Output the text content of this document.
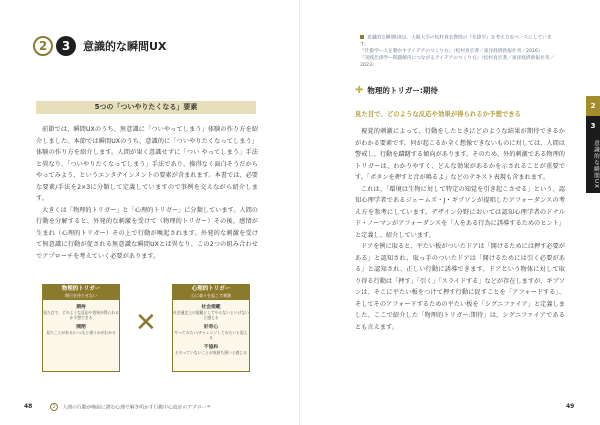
2	3	意識的な瞬間UX
5つの「ついやりたくなる」要素

前節では、瞬間UXのうち、無意識に「ついやってしまう」体験の作り方を紹介しました。本節では瞬間UXのうち、意識的に「ついやりたくなってしまう」体験の作り方を紹介します。人間が果く意識せずに「つい やってしまう」手法と異なり、「ついやりたくなってしまう」手法であり、操得なく面白そうだからやってみよう、というエンタテインメントの要素が含まれます。本書では、必要な要素/手法を2×3に分類して定義していますので事例を交えながら紹介します。

大きくは「物理的トリガー」と「心理的トリガー」に分類しています。人間の行動を分解すると、外発的な刺激を受けて（物理的トリガー）その後、感情が生まれ（心理的トリガー）その上で行動が喚起されます。外発的な刺激を受けて無意識に行動が促される無意識な瞬間UXとは異なり、この2つの組み合わせでアプローチを考えていく必要があります。

物理的トリガー
期日を待たせない
期待
見た目で、どのような反応や効果が得られるか予想できる
開閉
見たことがある/いつもと違うかがわかる ✕
心理的トリガー
心に楽々を起こす刺激
社会規範
社会通念上の規範としてやらないといけないと感じる
好奇心
やってみたい/チャレンジしてみたいと思える
不協和
そろっていないことが気持ち悪いと感じる
48	2 人間の行動が喚起に潜む心理で解き明かす行動中心設計のアプローチ
意識的な瞬間UXは、大阪大学の松村真宏教授の『仕掛学』を考え方をベースにしています。
『仕掛学―人を動かすアイデアのつくり方』（松村真宏著／東洋経済新報社刊／2016）
『実践仕掛学―問題解決につながるアイデアのつくり方』（松村真宏著／東洋経済新報社刊／2023）
✚ 物理的トリガー:期待
見た目で、どのような反応や効果が得られるか予想できる

視覚的刺激によって、行動をしたときにどのような結果が期待できるかがわかる要素です。何が起こるか全く想像できないものに対しては、人間は警戒し、行動を躊躇する傾向があります。そのため、外的刺激である物理的トリガーは、わかりやすく、どんな効果があるかを示されることが重要です。「ボタンを押すと音が鳴るよ」などのテキスト表現も含まれます。

これは、「環境は生物に対して特定の知覚を引き起こさせる」という、認知心理学者であるジェームズ・J・ギブソンが提唱したアフォーダンスの考え方を参考にしています。デザイン分野においては認知心理学者のドナルド・ノーマンがアフォーダンスを「人をある行為に誘導するためのヒント」と定義し、紹介しています。

ドアを例に取ると、平たい板がついたドアは「開けるためには押す必要がある」と認知され、取っ手のついたドアは「開けるためには引く必要がある」と認知され、正しい行動に誘導できます。ドアという物体に対して取り得る行動は「押す」「引く」「スライドする」などが存在しますが、ギブソンは、そこに平たい板をつけて押す行動に促すことを「アフォードする」、そしてそのアフォードするための平たい板を「シグニファイア」と定義しました。ここで紹介した「物理的トリガー:期待」は、シグニファイアであるとも言えます。

2
3
意識的な瞬間UX
49
